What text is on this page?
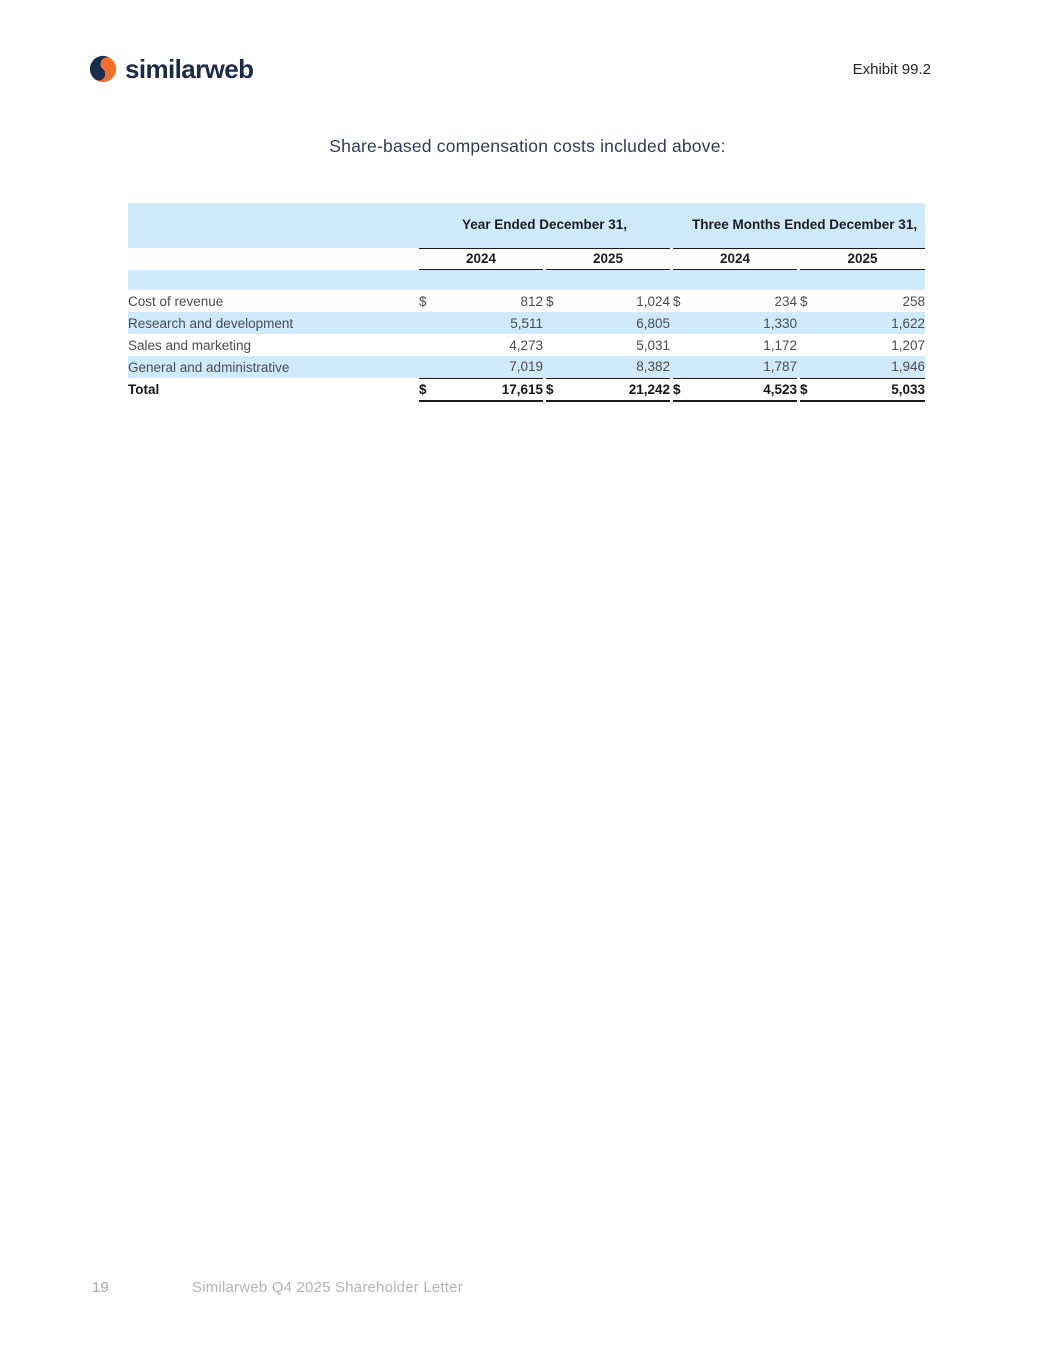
similarweb	Exhibit 99.2
Share-based compensation costs included above:
	Year Ended December 31,						Three Months Ended December 31,				
	2024			2025			2024			2025	

Cost of revenue	$	812		$	1,024		$	234		$	258
Research and development		5,511			6,805			1,330			1,622
Sales and marketing		4,273			5,031			1,172			1,207
General and administrative		7,019			8,382			1,787			1,946
Total	$	17,615		$	21,242		$	4,523		$	5,033
19	Similarweb Q4 2025 Shareholder Letter
